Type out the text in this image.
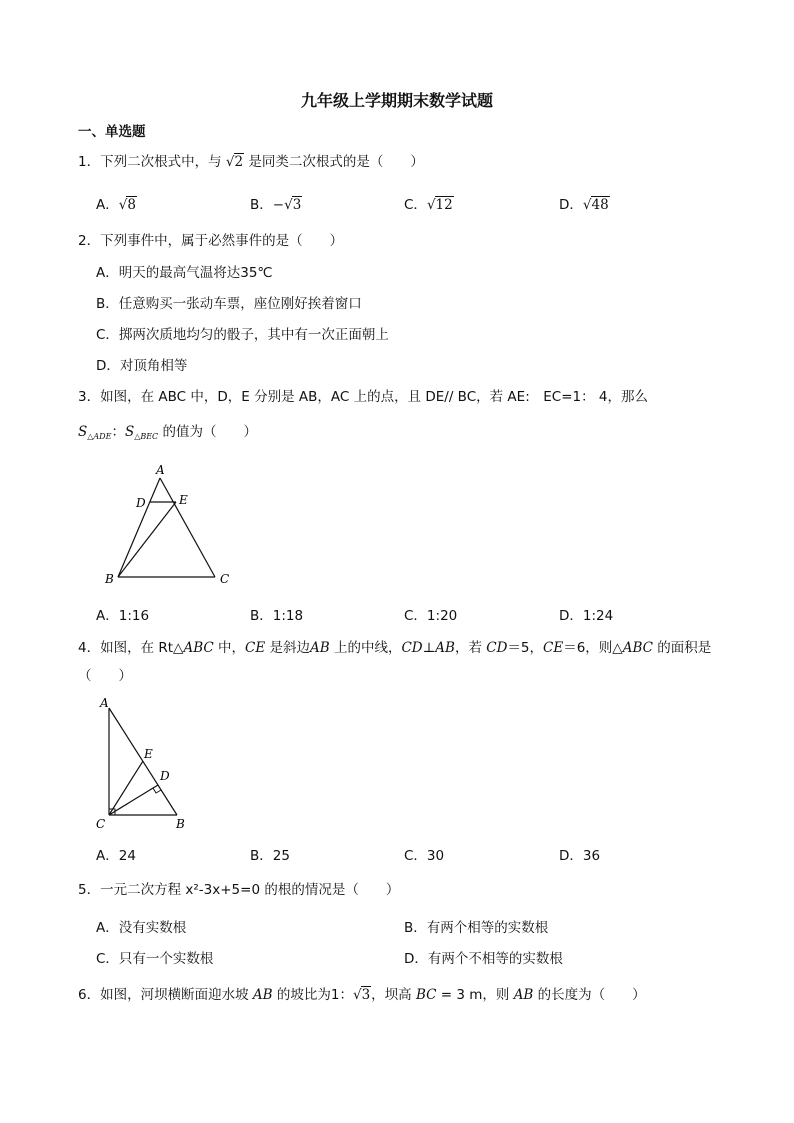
九年级上学期期末数学试题
一、单选题
1．下列二次根式中，与 √2 是同类二次根式的是（　　）
A．√8	B．−√3	C．√12	D．√48
2．下列事件中，属于必然事件的是（　　）
A．明天的最高气温将达35℃
B．任意购买一张动车票，座位刚好挨着窗口
C．掷两次质地均匀的骰子，其中有一次正面朝上
D．对顶角相等
3．如图，在 ABC 中，D，E 分别是 AB，AC 上的点，且 DE// BC，若 AE:　EC=1： 4，那么
$S_{\triangle ADE}$：$S_{\triangle BEC}$ 的值为（　　）
A
D	E
B	C
A．1:16	B．1:18	C．1:20	D．1:24
4．如图，在 Rt△ABC 中，CE 是斜边AB 上的中线，CD⊥AB，若 CD＝5，CE＝6，则△ABC 的面积是
（　　）
A
E
D
C	B
A．24	B．25	C．30	D．36
5．一元二次方程 x²-3x+5=0 的根的情况是（　　）
A．没有实数根	B．有两个相等的实数根
C．只有一个实数根	D．有两个不相等的实数根
6．如图，河坝横断面迎水坡 AB 的坡比为1：√3，坝高 BC = 3 m，则 AB 的长度为（　　）
